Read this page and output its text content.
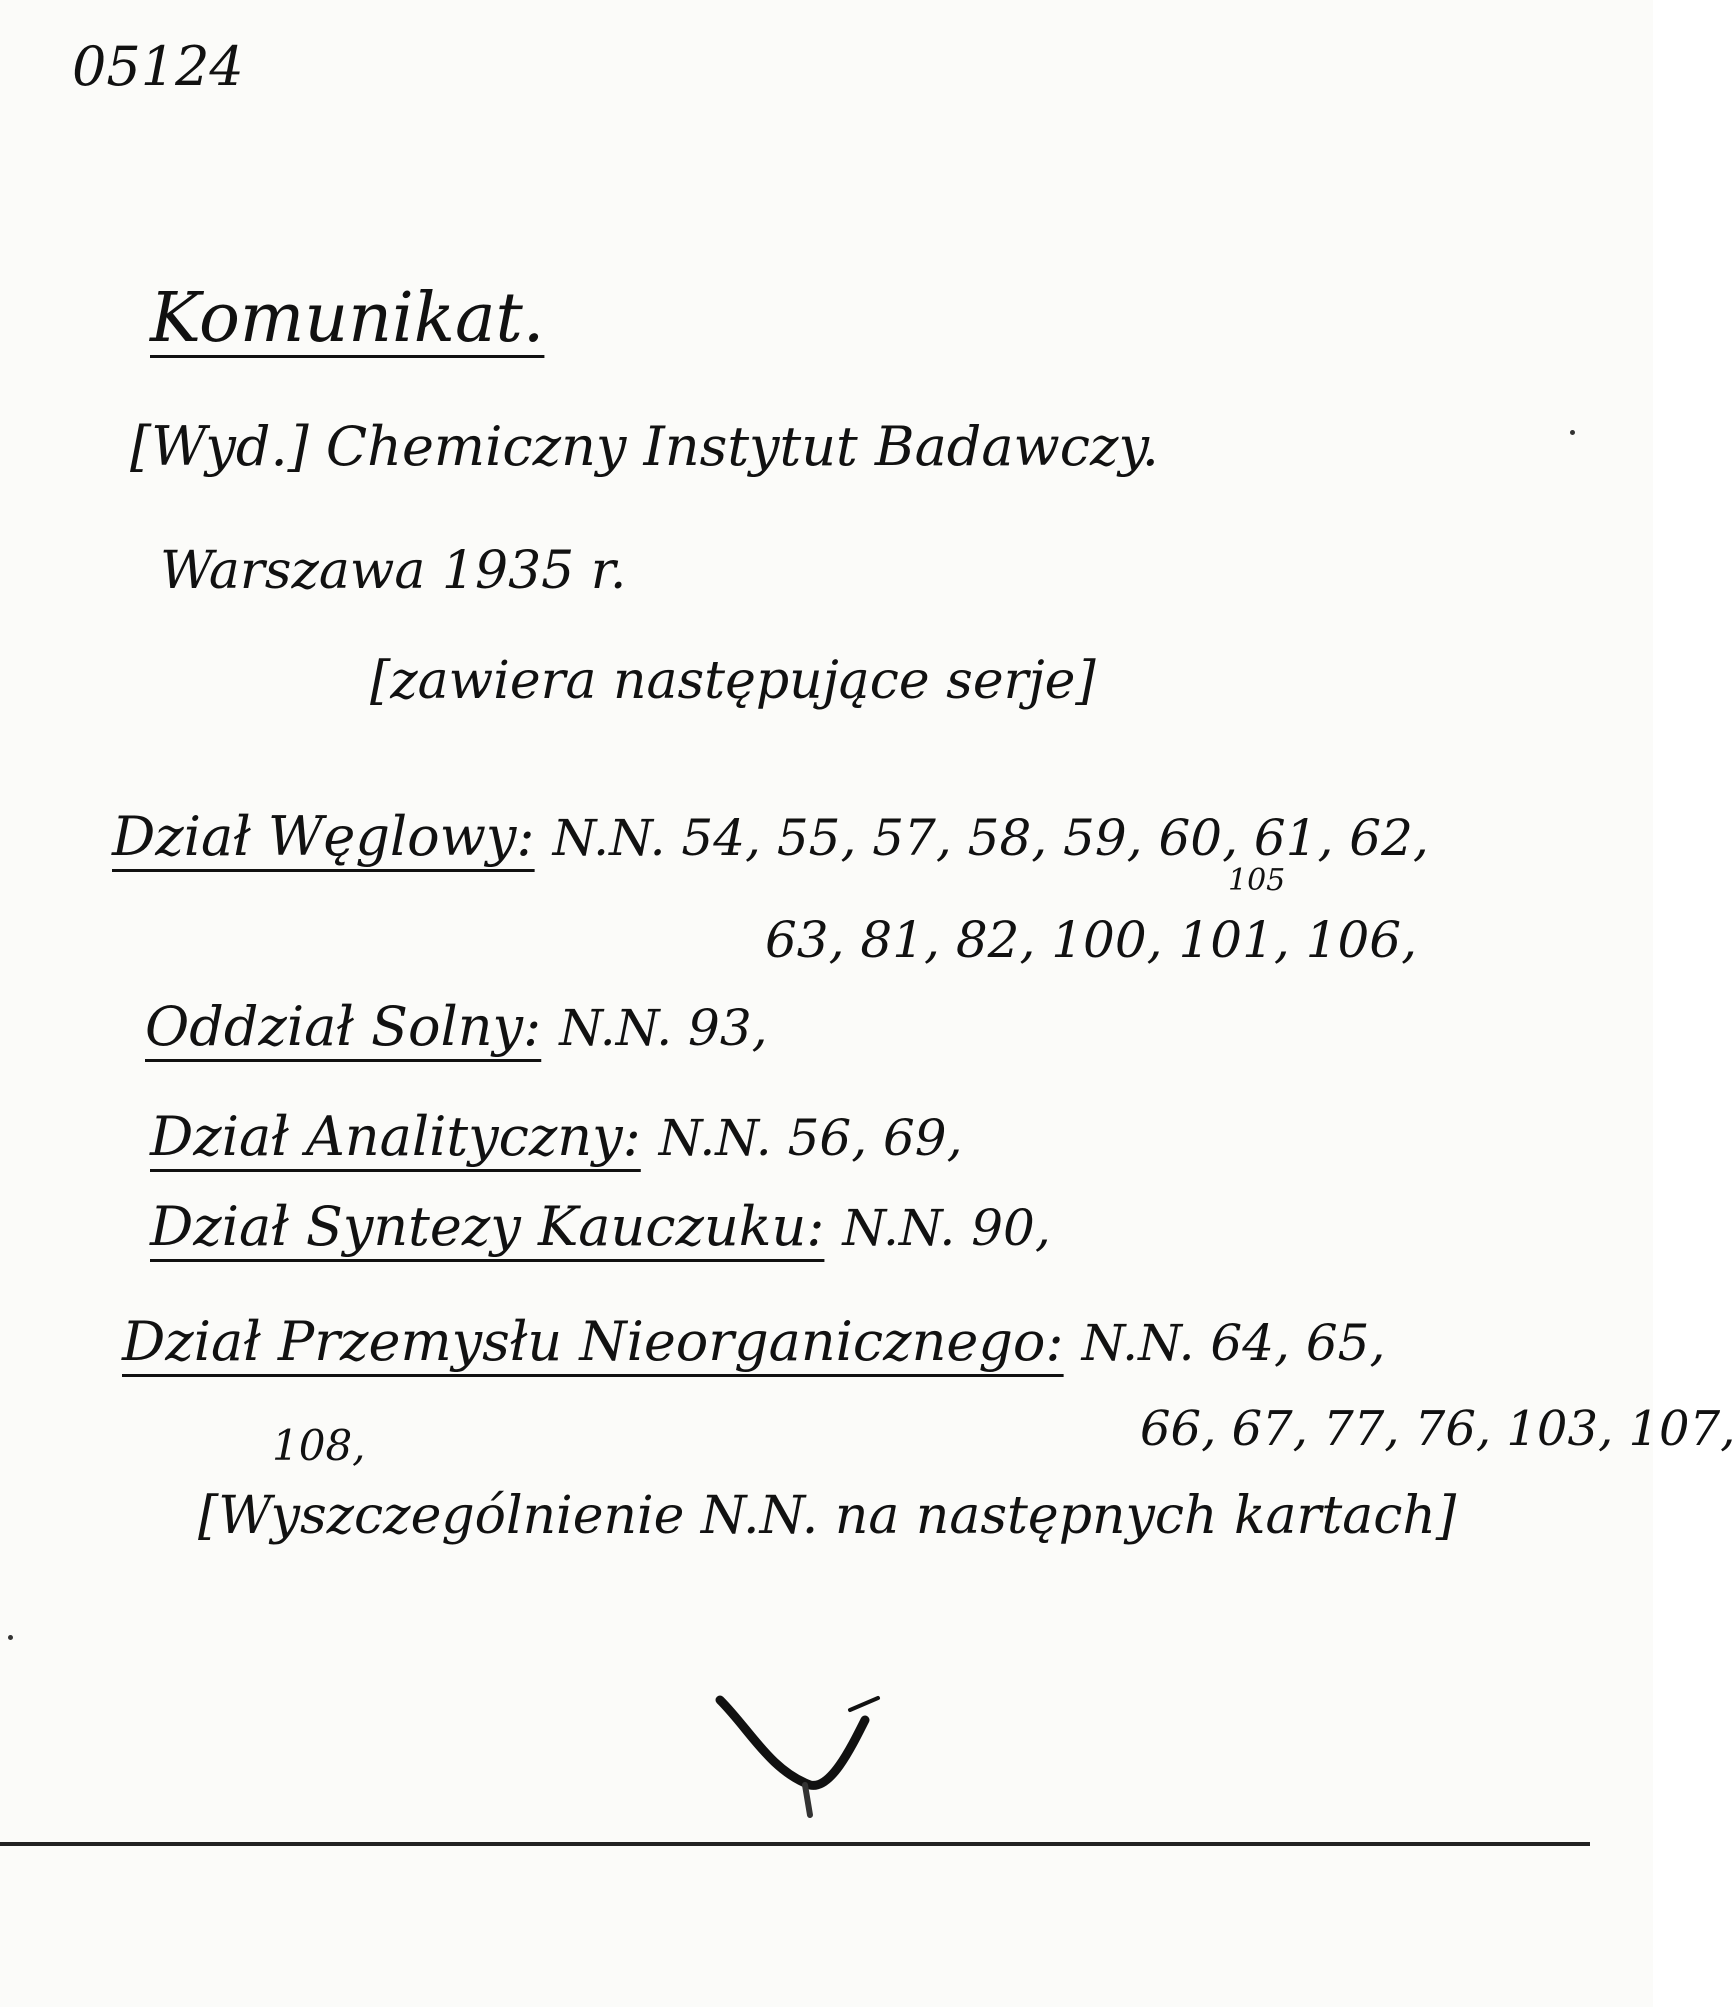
05124
Komunikat.
[Wyd.] Chemiczny Instytut Badawczy.
Warszawa 1935 r.
[zawiera następujące serje]
Dział Węglowy: N.N. 54, 55, 57, 58, 59, 60, 61, 62,
105
63, 81, 82, 100, 101, 106,
Oddział Solny: N.N. 93,
Dział Analityczny: N.N. 56, 69,
Dział Syntezy Kauczuku: N.N. 90,
Dział Przemysłu Nieorganicznego: N.N. 64, 65,
66, 67, 77, 76, 103, 107,
108,
[Wyszczególnienie N.N. na następnych kartach]
